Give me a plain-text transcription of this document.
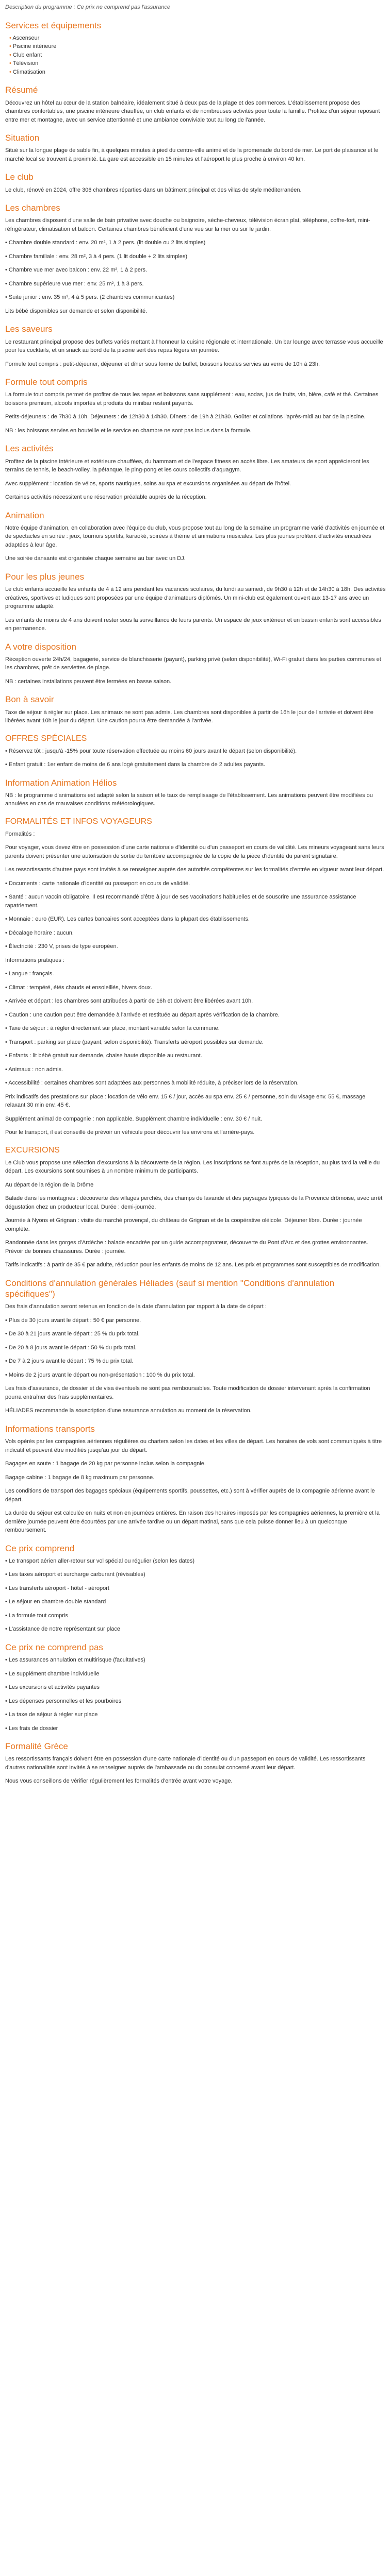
Description du programme : Ce prix ne comprend pas l'assurance

Services et équipements
• Ascenseur
• Piscine intérieure
• Club enfant
• Télévision
• Climatisation
Résumé

Découvrez un hôtel au cœur de la station balnéaire, idéalement situé à deux pas de la plage et des commerces. L'établissement propose des chambres confortables, une piscine intérieure chauffée, un club enfants et de nombreuses activités pour toute la famille. Profitez d'un séjour reposant entre mer et montagne, avec un service attentionné et une ambiance conviviale tout au long de l'année.

Situation

Situé sur la longue plage de sable fin, à quelques minutes à pied du centre-ville animé et de la promenade du bord de mer. Le port de plaisance et le marché local se trouvent à proximité. La gare est accessible en 15 minutes et l'aéroport le plus proche à environ 40 km.

Le club

Le club, rénové en 2024, offre 306 chambres réparties dans un bâtiment principal et des villas de style méditerranéen.

Les chambres

Les chambres disposent d'une salle de bain privative avec douche ou baignoire, sèche-cheveux, télévision écran plat, téléphone, coffre-fort, mini-réfrigérateur, climatisation et balcon. Certaines chambres bénéficient d'une vue sur la mer ou sur le jardin.

• Chambre double standard : env. 20 m², 1 à 2 pers. (lit double ou 2 lits simples)

• Chambre familiale : env. 28 m², 3 à 4 pers. (1 lit double + 2 lits simples)

• Chambre vue mer avec balcon : env. 22 m², 1 à 2 pers.

• Chambre supérieure vue mer : env. 25 m², 1 à 3 pers.

• Suite junior : env. 35 m², 4 à 5 pers. (2 chambres communicantes)

Lits bébé disponibles sur demande et selon disponibilité.

Les saveurs

Le restaurant principal propose des buffets variés mettant à l'honneur la cuisine régionale et internationale. Un bar lounge avec terrasse vous accueille pour les cocktails, et un snack au bord de la piscine sert des repas légers en journée.

Formule tout compris : petit-déjeuner, déjeuner et dîner sous forme de buffet, boissons locales servies au verre de 10h à 23h.

Formule tout compris

La formule tout compris permet de profiter de tous les repas et boissons sans supplément : eau, sodas, jus de fruits, vin, bière, café et thé. Certaines boissons premium, alcools importés et produits du minibar restent payants.

Petits-déjeuners : de 7h30 à 10h. Déjeuners : de 12h30 à 14h30. Dîners : de 19h à 21h30. Goûter et collations l'après-midi au bar de la piscine.

NB : les boissons servies en bouteille et le service en chambre ne sont pas inclus dans la formule.

Les activités

Profitez de la piscine intérieure et extérieure chauffées, du hammam et de l'espace fitness en accès libre. Les amateurs de sport apprécieront les terrains de tennis, le beach-volley, la pétanque, le ping-pong et les cours collectifs d'aquagym.

Avec supplément : location de vélos, sports nautiques, soins au spa et excursions organisées au départ de l'hôtel.

Certaines activités nécessitent une réservation préalable auprès de la réception.

Animation

Notre équipe d'animation, en collaboration avec l'équipe du club, vous propose tout au long de la semaine un programme varié d'activités en journée et de spectacles en soirée : jeux, tournois sportifs, karaoké, soirées à thème et animations musicales. Les plus jeunes profitent d'activités encadrées adaptées à leur âge.

Une soirée dansante est organisée chaque semaine au bar avec un DJ.

Pour les plus jeunes

Le club enfants accueille les enfants de 4 à 12 ans pendant les vacances scolaires, du lundi au samedi, de 9h30 à 12h et de 14h30 à 18h. Des activités créatives, sportives et ludiques sont proposées par une équipe d'animateurs diplômés. Un mini-club est également ouvert aux 13-17 ans avec un programme adapté.

Les enfants de moins de 4 ans doivent rester sous la surveillance de leurs parents. Un espace de jeux extérieur et un bassin enfants sont accessibles en permanence.

A votre disposition

Réception ouverte 24h/24, bagagerie, service de blanchisserie (payant), parking privé (selon disponibilité), Wi-Fi gratuit dans les parties communes et les chambres, prêt de serviettes de plage.

NB : certaines installations peuvent être fermées en basse saison.

Bon à savoir

Taxe de séjour à régler sur place. Les animaux ne sont pas admis. Les chambres sont disponibles à partir de 16h le jour de l'arrivée et doivent être libérées avant 10h le jour du départ. Une caution pourra être demandée à l'arrivée.

OFFRES SPÉCIALES

• Réservez tôt : jusqu'à -15% pour toute réservation effectuée au moins 60 jours avant le départ (selon disponibilité).

• Enfant gratuit : 1er enfant de moins de 6 ans logé gratuitement dans la chambre de 2 adultes payants.

Information Animation Hélios

NB : le programme d'animations est adapté selon la saison et le taux de remplissage de l'établissement. Les animations peuvent être modifiées ou annulées en cas de mauvaises conditions météorologiques.

FORMALITÉS ET INFOS VOYAGEURS

Formalités :

Pour voyager, vous devez être en possession d'une carte nationale d'identité ou d'un passeport en cours de validité. Les mineurs voyageant sans leurs parents doivent présenter une autorisation de sortie du territoire accompagnée de la copie de la pièce d'identité du parent signataire.

Les ressortissants d'autres pays sont invités à se renseigner auprès des autorités compétentes sur les formalités d'entrée en vigueur avant leur départ.

• Documents : carte nationale d'identité ou passeport en cours de validité.

• Santé : aucun vaccin obligatoire. Il est recommandé d'être à jour de ses vaccinations habituelles et de souscrire une assurance assistance rapatriement.

• Monnaie : euro (EUR). Les cartes bancaires sont acceptées dans la plupart des établissements.

• Décalage horaire : aucun.

• Électricité : 230 V, prises de type européen.

Informations pratiques :

• Langue : français.

• Climat : tempéré, étés chauds et ensoleillés, hivers doux.

• Arrivée et départ : les chambres sont attribuées à partir de 16h et doivent être libérées avant 10h.

• Caution : une caution peut être demandée à l'arrivée et restituée au départ après vérification de la chambre.

• Taxe de séjour : à régler directement sur place, montant variable selon la commune.

• Transport : parking sur place (payant, selon disponibilité). Transferts aéroport possibles sur demande.

• Enfants : lit bébé gratuit sur demande, chaise haute disponible au restaurant.

• Animaux : non admis.

• Accessibilité : certaines chambres sont adaptées aux personnes à mobilité réduite, à préciser lors de la réservation.

Prix indicatifs des prestations sur place : location de vélo env. 15 € / jour, accès au spa env. 25 € / personne, soin du visage env. 55 €, massage relaxant 30 min env. 45 €.

Supplément animal de compagnie : non applicable. Supplément chambre individuelle : env. 30 € / nuit.

Pour le transport, il est conseillé de prévoir un véhicule pour découvrir les environs et l'arrière-pays.

EXCURSIONS

Le Club vous propose une sélection d'excursions à la découverte de la région. Les inscriptions se font auprès de la réception, au plus tard la veille du départ. Les excursions sont soumises à un nombre minimum de participants.

Au départ de la région de la Drôme

Balade dans les montagnes : découverte des villages perchés, des champs de lavande et des paysages typiques de la Provence drômoise, avec arrêt dégustation chez un producteur local. Durée : demi-journée.

Journée à Nyons et Grignan : visite du marché provençal, du château de Grignan et de la coopérative oléicole. Déjeuner libre. Durée : journée complète.

Randonnée dans les gorges d'Ardèche : balade encadrée par un guide accompagnateur, découverte du Pont d'Arc et des grottes environnantes. Prévoir de bonnes chaussures. Durée : journée.

Tarifs indicatifs : à partir de 35 € par adulte, réduction pour les enfants de moins de 12 ans. Les prix et programmes sont susceptibles de modification.

Conditions d'annulation générales Héliades (sauf si mention "Conditions d'annulation spécifiques")

Des frais d'annulation seront retenus en fonction de la date d'annulation par rapport à la date de départ :

• Plus de 30 jours avant le départ : 50 € par personne.

• De 30 à 21 jours avant le départ : 25 % du prix total.

• De 20 à 8 jours avant le départ : 50 % du prix total.

• De 7 à 2 jours avant le départ : 75 % du prix total.

• Moins de 2 jours avant le départ ou non-présentation : 100 % du prix total.

Les frais d'assurance, de dossier et de visa éventuels ne sont pas remboursables. Toute modification de dossier intervenant après la confirmation pourra entraîner des frais supplémentaires.

HÉLIADES recommande la souscription d'une assurance annulation au moment de la réservation.

Informations transports

Vols opérés par les compagnies aériennes régulières ou charters selon les dates et les villes de départ. Les horaires de vols sont communiqués à titre indicatif et peuvent être modifiés jusqu'au jour du départ.

Bagages en soute : 1 bagage de 20 kg par personne inclus selon la compagnie.

Bagage cabine : 1 bagage de 8 kg maximum par personne.

Les conditions de transport des bagages spéciaux (équipements sportifs, poussettes, etc.) sont à vérifier auprès de la compagnie aérienne avant le départ.

La durée du séjour est calculée en nuits et non en journées entières. En raison des horaires imposés par les compagnies aériennes, la première et la dernière journée peuvent être écourtées par une arrivée tardive ou un départ matinal, sans que cela puisse donner lieu à un quelconque remboursement.

Ce prix comprend

• Le transport aérien aller-retour sur vol spécial ou régulier (selon les dates)

• Les taxes aéroport et surcharge carburant (révisables)

• Les transferts aéroport - hôtel - aéroport

• Le séjour en chambre double standard

• La formule tout compris

• L'assistance de notre représentant sur place

Ce prix ne comprend pas

• Les assurances annulation et multirisque (facultatives)

• Le supplément chambre individuelle

• Les excursions et activités payantes

• Les dépenses personnelles et les pourboires

• La taxe de séjour à régler sur place

• Les frais de dossier

Formalité Grèce

Les ressortissants français doivent être en possession d'une carte nationale d'identité ou d'un passeport en cours de validité. Les ressortissants d'autres nationalités sont invités à se renseigner auprès de l'ambassade ou du consulat concerné avant leur départ.

Nous vous conseillons de vérifier régulièrement les formalités d'entrée avant votre voyage.
